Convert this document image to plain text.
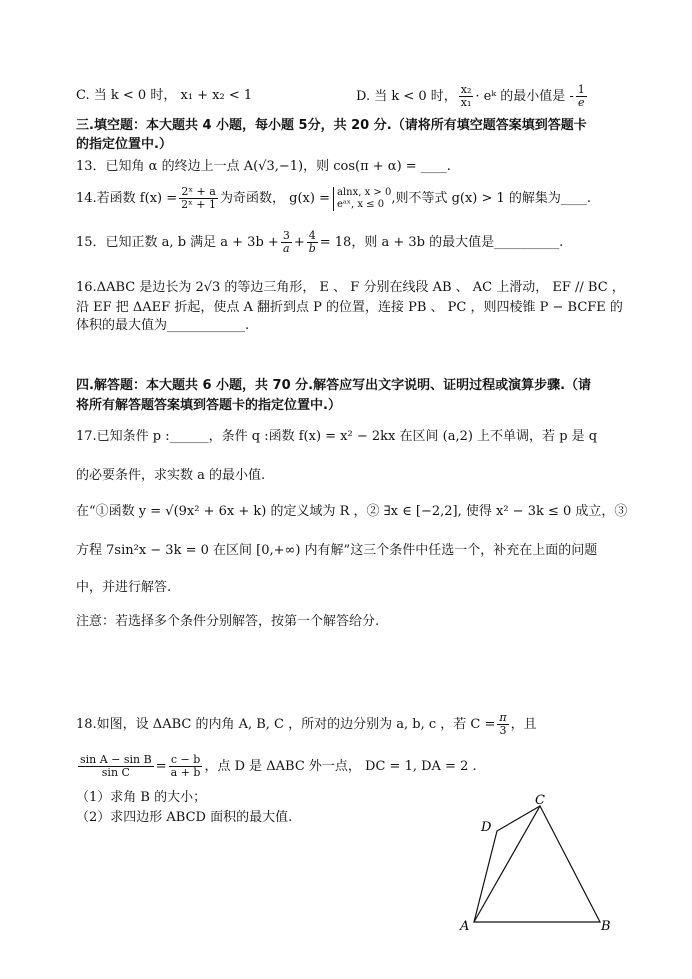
C. 当 k < 0 时， x₁ + x₂ < 1	D. 当 k < 0 时， $\frac{\text{x₂}}{\text{x₁}}$ · eᵏ 的最小值是 - $\frac{1}{e}$
三.填空题：本大题共 4 小题，每小题 5分，共 20 分.（请将所有填空题答案填到答题卡
的指定位置中.）
13．已知角 α 的终边上一点 A(√3,−1)，则 cos(π + α) = ____.
14.若函数 $f(x) = \frac{\text{2ˣ + a}}{\text{2ˣ + 1}}$ 为奇函数， g(x) = alnx, x > 0
eᵃˣ, x ≤ 0 ,则不等式 g(x) > 1 的解集为____.
15．已知正数 a, b 满足 $a + 3b + \frac{3}{a} + \frac{4}{b} = 18$，则 a + 3b 的最大值是__________.
16.ΔABC 是边长为 2√3 的等边三角形， E 、 F 分别在线段 AB 、 AC 上滑动， EF // BC ，
沿 EF 把 ΔAEF 折起，使点 A 翻折到点 P 的位置，连接 PB 、 PC ，则四棱锥 P − BCFE 的
体积的最大值为____________.
四.解答题：本大题共 6 小题，共 70 分.解答应写出文字说明、证明过程或演算步骤.（请
将所有解答题答案填到答题卡的指定位置中.）
17.已知条件 p :______，条件 q :函数 f(x) = x² − 2kx 在区间 (a,2) 上不单调，若 p 是 q
的必要条件，求实数 a 的最小值.
在“①函数 y = √(9x² + 6x + k) 的定义域为 R ，② ∃x ∈ [−2,2], 使得 x² − 3k ≤ 0 成立，③
方程 7sin²x − 3k = 0 在区间 [0,+∞) 内有解”这三个条件中任选一个，补充在上面的问题
中，并进行解答.
注意：若选择多个条件分别解答，按第一个解答给分.
18.如图，设 ΔABC 的内角 A, B, C ，所对的边分别为 a, b, c ，若 $C = \frac{\pi}{3}$ ，且
$\frac{\text{sin A − sin B}}{\text{sin C}} = \frac{c - b}{a + b}$ ，点 D 是 ΔABC 外一点， DC = 1, DA = 2 .
（1）求角 B 的大小；
（2）求四边形 ABCD 面积的最大值.
A	B
C
D
